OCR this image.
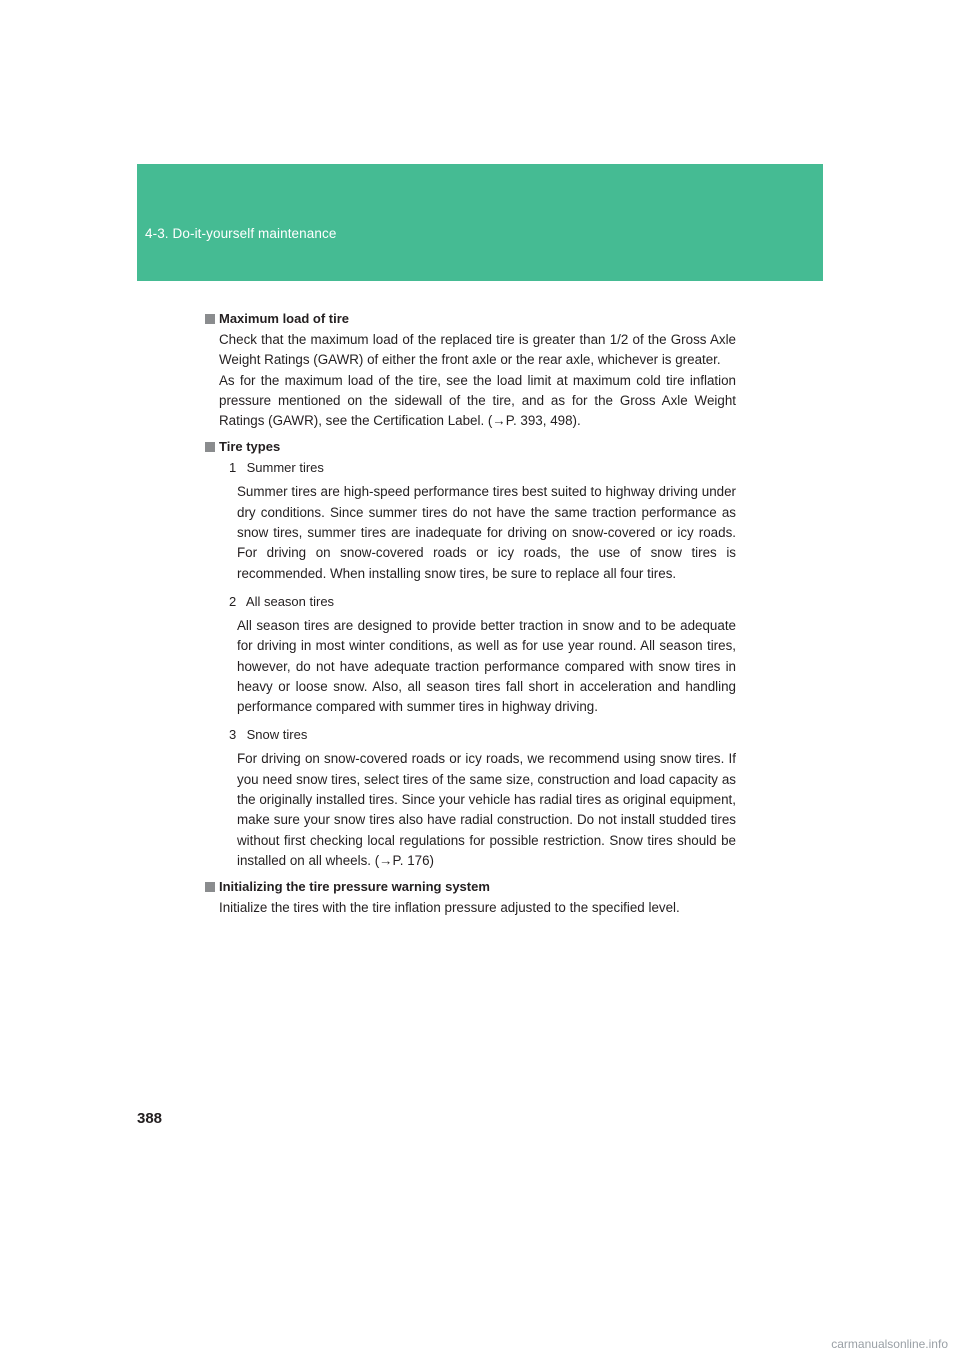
4-3. Do-it-yourself maintenance
Maximum load of tire

Check that the maximum load of the replaced tire is greater than 1/2 of the Gross Axle Weight Ratings (GAWR) of either the front axle or the rear axle, whichever is greater.

As for the maximum load of the tire, see the load limit at maximum cold tire inflation pressure mentioned on the sidewall of the tire, and as for the Gross Axle Weight Ratings (GAWR), see the Certification Label. (→P. 393, 498).

Tire types
1 Summer tires

Summer tires are high-speed performance tires best suited to highway driving under dry conditions. Since summer tires do not have the same traction performance as snow tires, summer tires are inadequate for driving on snow-covered or icy roads. For driving on snow-covered roads or icy roads, the use of snow tires is recommended. When installing snow tires, be sure to replace all four tires.

2 All season tires

All season tires are designed to provide better traction in snow and to be adequate for driving in most winter conditions, as well as for use year round. All season tires, however, do not have adequate traction performance compared with snow tires in heavy or loose snow. Also, all season tires fall short in acceleration and handling performance compared with summer tires in highway driving.

3 Snow tires

For driving on snow-covered roads or icy roads, we recommend using snow tires. If you need snow tires, select tires of the same size, construction and load capacity as the originally installed tires. Since your vehicle has radial tires as original equipment, make sure your snow tires also have radial construction. Do not install studded tires without first checking local regulations for possible restriction. Snow tires should be installed on all wheels. (→P. 176)

Initializing the tire pressure warning system

Initialize the tires with the tire inflation pressure adjusted to the specified level.

388
carmanualsonline.info
